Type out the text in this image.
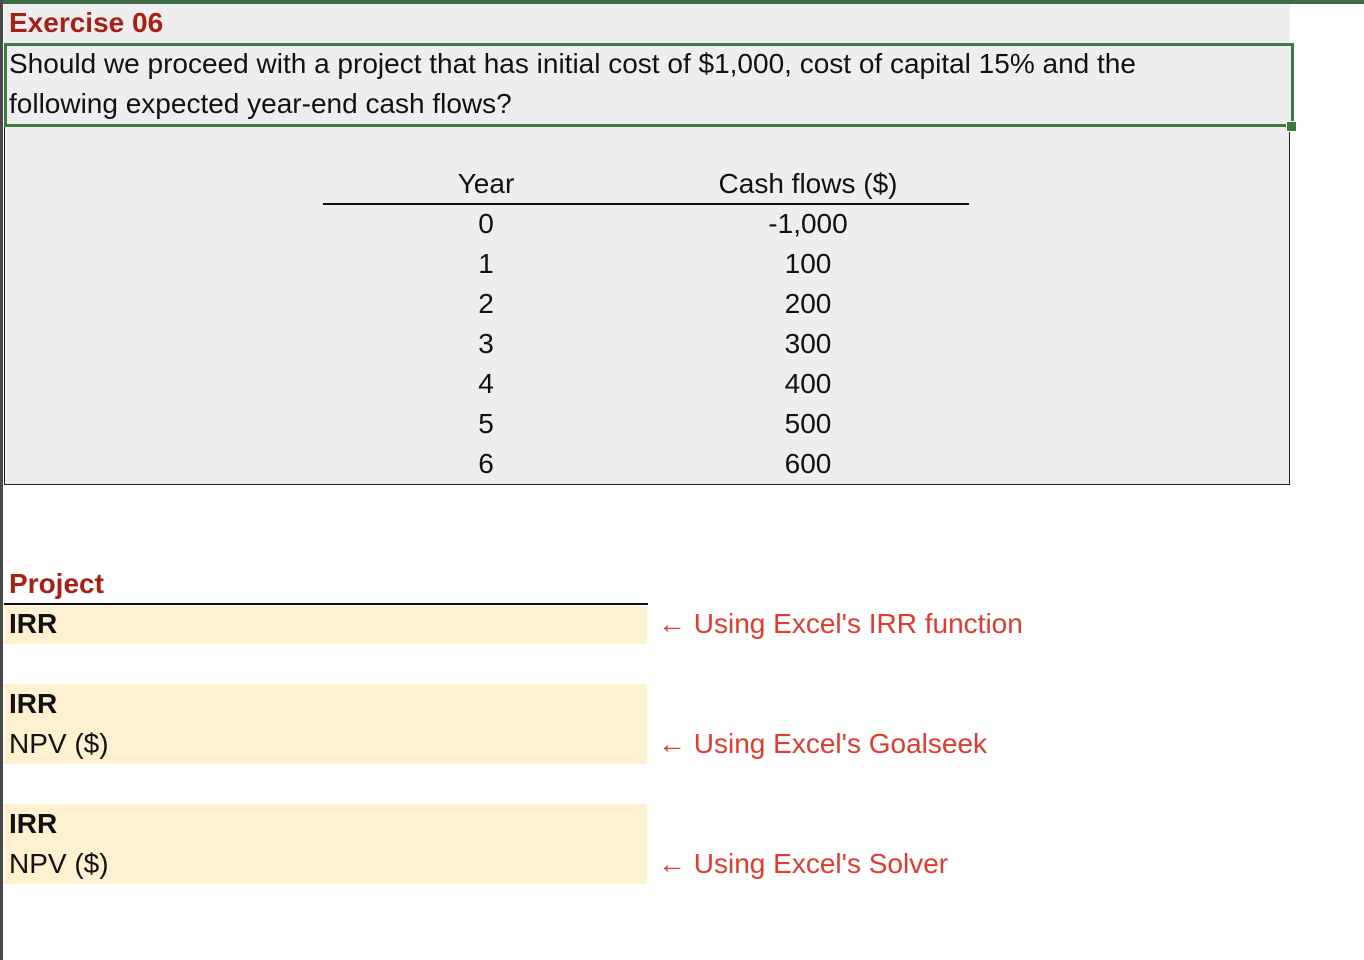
Exercise 06
Should we proceed with a project that has initial cost of $1,000, cost of capital 15% and the
following expected year-end cash flows?
Year	Cash flows ($)
0	-1,000
1	100
2	200
3	300
4	400
5	500
6	600
Project
IRR	← Using Excel's IRR function
IRR
NPV ($)	← Using Excel's Goalseek
IRR
NPV ($)	← Using Excel's Solver
